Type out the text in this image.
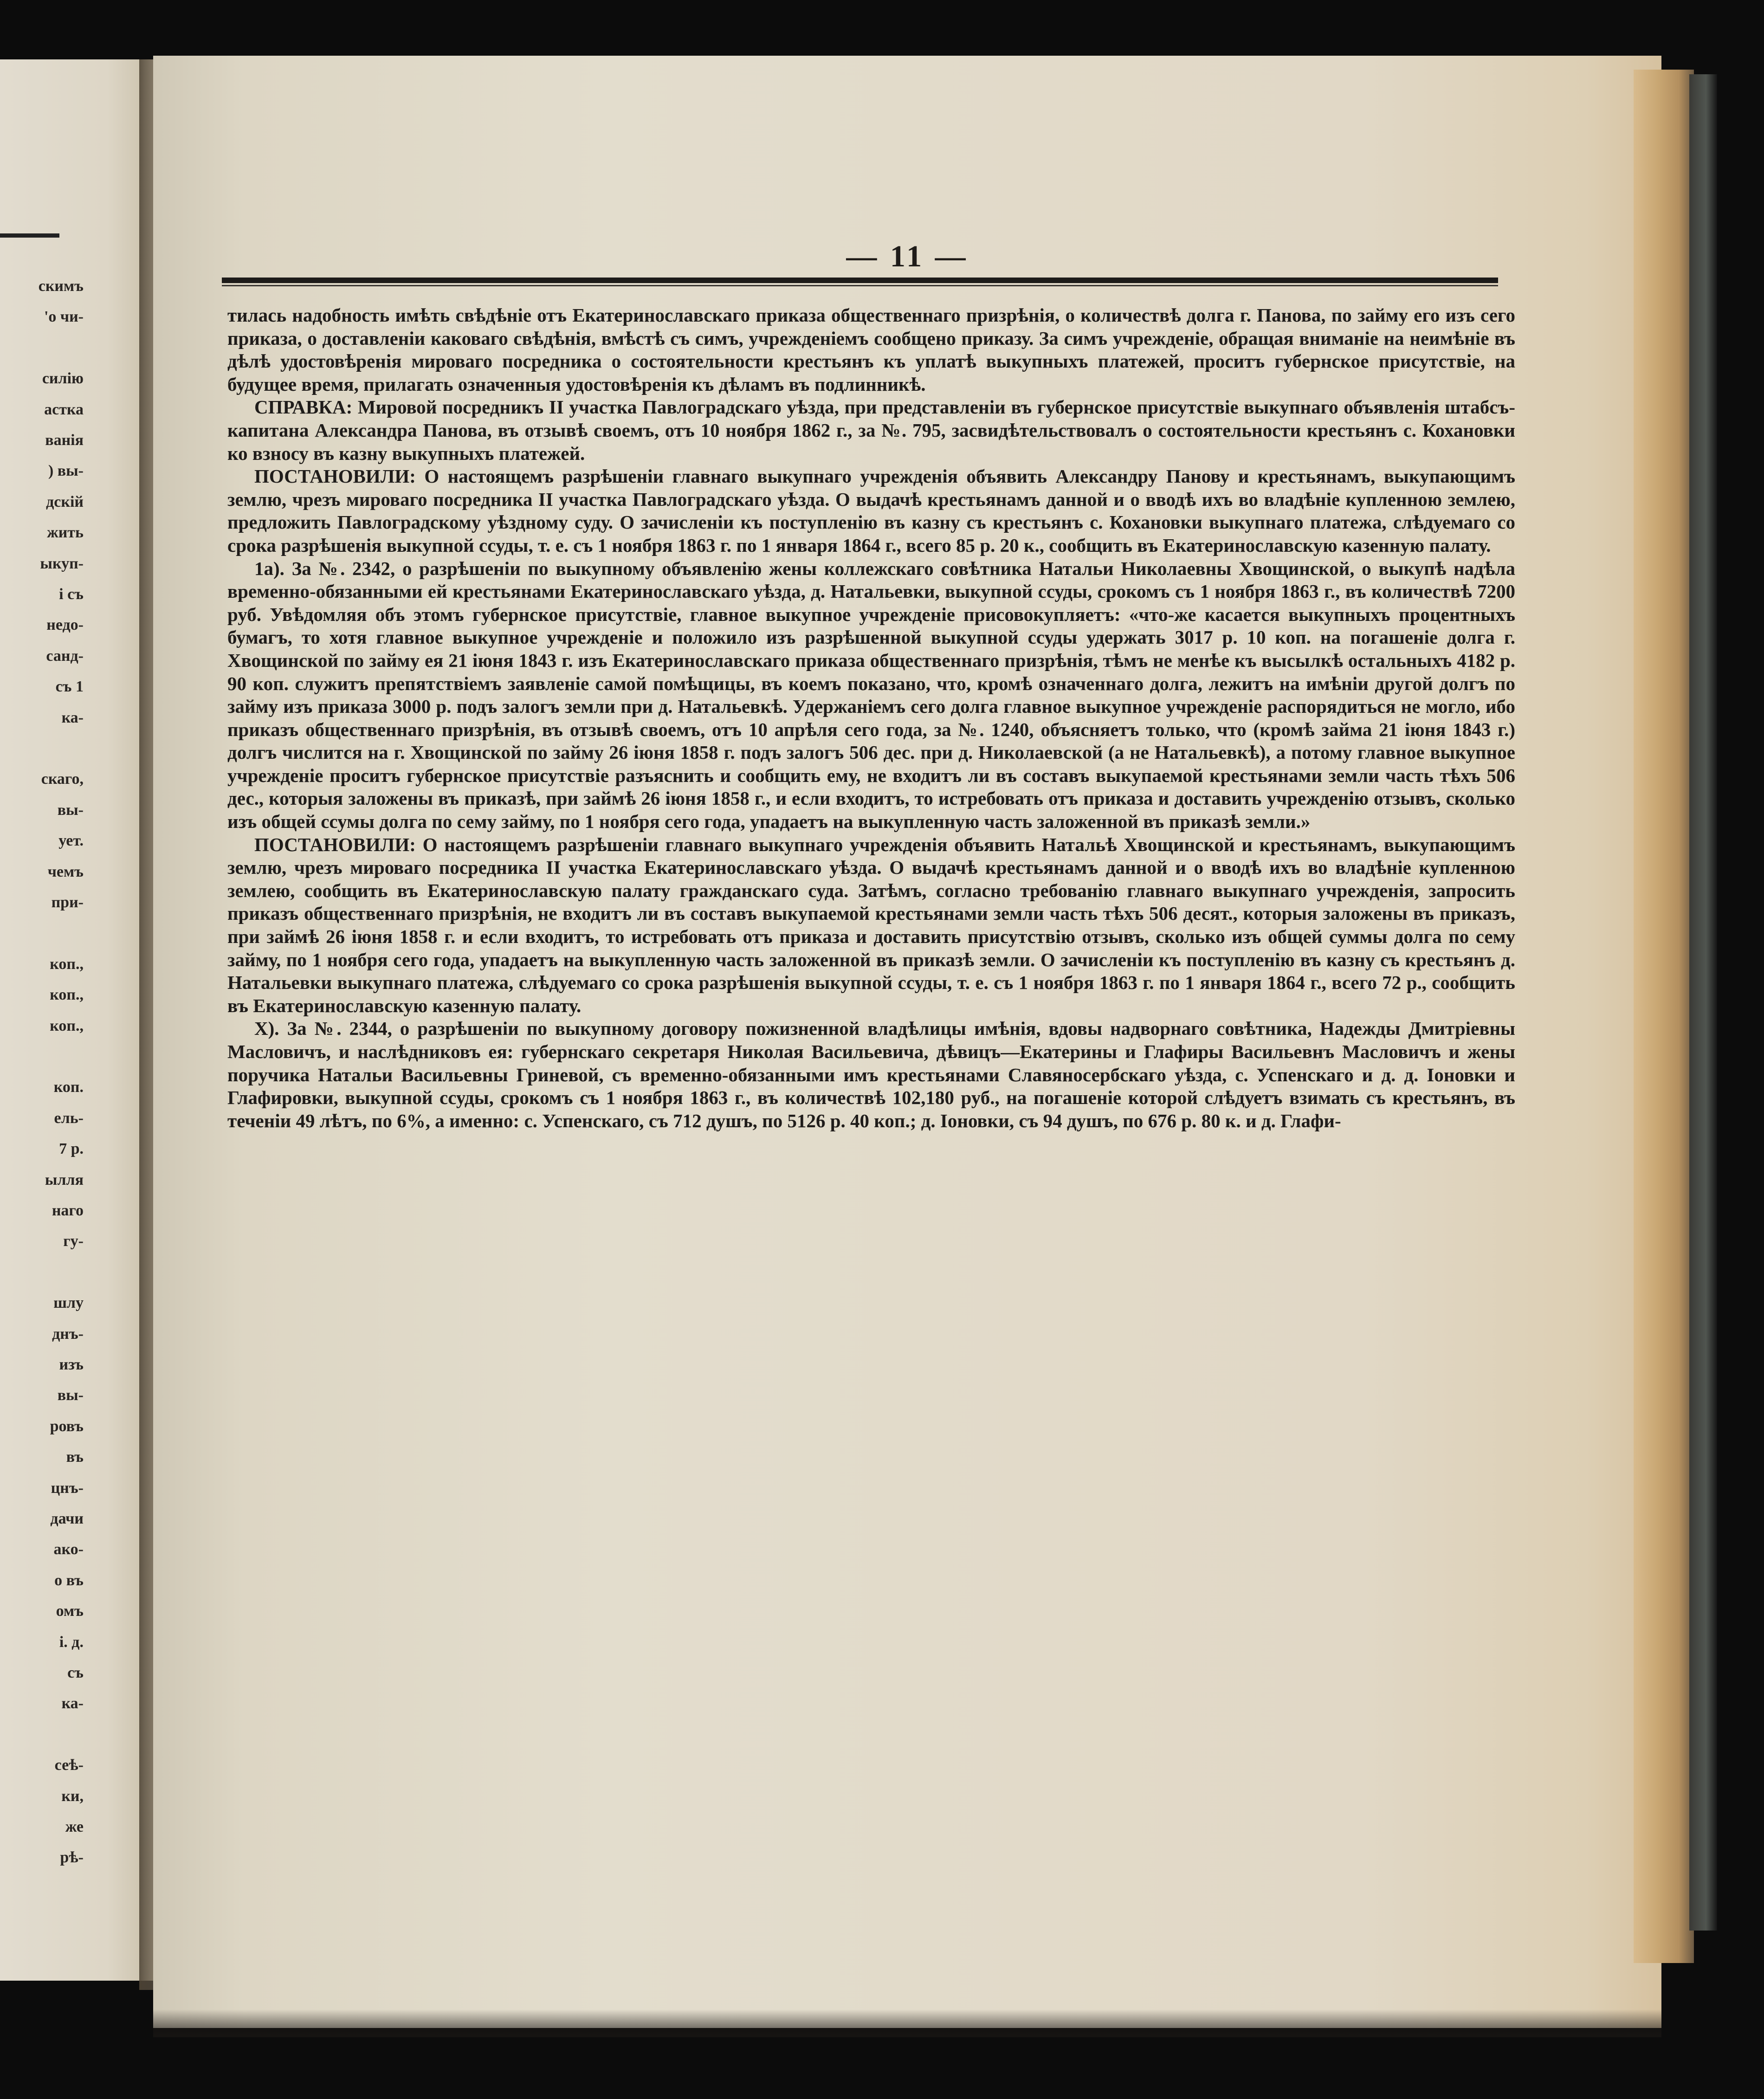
скимъ
'о чи-
силію
астка
ванія
) вы-
дскій
жить
ыкуп-
і съ
недо-
санд-
съ 1
ка-
скаго,
вы-
ует.
чемъ
при-
коп.,
коп.,
коп.,
коп.
ель-
7 р.
ылля
наго
гу-
шлу
днъ-
изъ
вы-
ровъ
въ
цнъ-
дачи
ако-
о въ
омъ
і. д.
съ
ка-
сеѣ-
ки,
же
рѣ-
— 11 —

тилась надобность имѣть свѣдѣніе отъ Екатеринославскаго приказа общественнаго призрѣнія, о количествѣ долга г. Панова, по займу его изъ сего приказа, о доставленіи каковаго свѣдѣнія, вмѣстѣ съ симъ, учрежденіемъ сообщено приказу. За симъ учрежденіе, обращая вниманіе на неимѣніе въ дѣлѣ удостовѣренія мироваго посредника о состоятельности крестьянъ къ уплатѣ выкупныхъ платежей, проситъ губернское присутствіе, на будущее время, прилагать означенныя удостовѣренія къ дѣламъ въ подлинникѣ.

СПРАВКА: Мировой посредникъ II участка Павлоградскаго уѣзда, при представленіи въ губернское присутствіе выкупнаго объявленія штабсъ-капитана Александра Панова, въ отзывѣ своемъ, отъ 10 ноября 1862 г., за №. 795, засвидѣтельствовалъ о состоятельности крестьянъ с. Кохановки ко взносу въ казну выкупныхъ платежей.

ПОСТАНОВИЛИ: О настоящемъ разрѣшеніи главнаго выкупнаго учрежденія объявить Александру Панову и крестьянамъ, выкупающимъ землю, чрезъ мироваго посредника II участка Павлоградскаго уѣзда. О выдачѣ крестьянамъ данной и о вводѣ ихъ во владѣніе купленною землею, предложить Павлоградскому уѣздному суду. О зачисленіи къ поступленію въ казну съ крестьянъ с. Кохановки выкупнаго платежа, слѣдуемаго со срока разрѣшенія выкупной ссуды, т. е. съ 1 ноября 1863 г. по 1 января 1864 г., всего 85 р. 20 к., сообщить въ Екатеринославскую казенную палату.

1а). За №. 2342, о разрѣшеніи по выкупному объявленію жены коллежскаго совѣтника Натальи Николаевны Хвощинской, о выкупѣ надѣла временно-обязанными ей крестьянами Екатеринославскаго уѣзда, д. Натальевки, выкупной ссуды, срокомъ съ 1 ноября 1863 г., въ количествѣ 7200 руб. Увѣдомляя объ этомъ губернское присутствіе, главное выкупное учрежденіе присовокупляетъ: «что-же касается выкупныхъ процентныхъ бумагъ, то хотя главное выкупное учрежденіе и положило изъ разрѣшенной выкупной ссуды удержать 3017 р. 10 коп. на погашеніе долга г. Хвощинской по займу ея 21 іюня 1843 г. изъ Екатеринославскаго приказа общественнаго призрѣнія, тѣмъ не менѣе къ высылкѣ остальныхъ 4182 р. 90 коп. служитъ препятствіемъ заявленіе самой помѣщицы, въ коемъ показано, что, кромѣ означеннаго долга, лежитъ на имѣніи другой долгъ по займу изъ приказа 3000 р. подъ залогъ земли при д. Натальевкѣ. Удержаніемъ сего долга главное выкупное учрежденіе распорядиться не могло, ибо приказъ общественнаго призрѣнія, въ отзывѣ своемъ, отъ 10 апрѣля сего года, за №. 1240, объясняетъ только, что (кромѣ займа 21 іюня 1843 г.) долгъ числится на г. Хвощинской по займу 26 іюня 1858 г. подъ залогъ 506 дес. при д. Николаевской (а не Натальевкѣ), а потому главное выкупное учрежденіе проситъ губернское присутствіе разъяснить и сообщить ему, не входитъ ли въ составъ выкупаемой крестьянами земли часть тѣхъ 506 дес., которыя заложены въ приказѣ, при займѣ 26 іюня 1858 г., и если входитъ, то истребовать отъ приказа и доставить учрежденію отзывъ, сколько изъ общей ссумы долга по сему займу, по 1 ноября сего года, упадаетъ на выкупленную часть заложенной въ приказѣ земли.»

ПОСТАНОВИЛИ: О настоящемъ разрѣшеніи главнаго выкупнаго учрежденія объявить Натальѣ Хвощинской и крестьянамъ, выкупающимъ землю, чрезъ мироваго посредника II участка Екатеринославскаго уѣзда. О выдачѣ крестьянамъ данной и о вводѣ ихъ во владѣніе купленною землею, сообщить въ Екатеринославскую палату гражданскаго суда. Затѣмъ, согласно требованію главнаго выкупнаго учрежденія, запросить приказъ общественнаго призрѣнія, не входитъ ли въ составъ выкупаемой крестьянами земли часть тѣхъ 506 десят., которыя заложены въ приказъ, при займѣ 26 іюня 1858 г. и если входитъ, то истребовать отъ приказа и доставить присутствію отзывъ, сколько изъ общей суммы долга по сему займу, по 1 ноября сего года, упадаетъ на выкупленную часть заложенной въ приказѣ земли. О зачисленіи къ поступленію въ казну съ крестьянъ д. Натальевки выкупнаго платежа, слѣдуемаго со срока разрѣшенія выкупной ссуды, т. е. съ 1 ноября 1863 г. по 1 января 1864 г., всего 72 р., сообщить въ Екатеринославскую казенную палату.

X). За №. 2344, о разрѣшеніи по выкупному договору пожизненной владѣлицы имѣнія, вдовы надворнаго совѣтника, Надежды Дмитріевны Масловичъ, и наслѣдниковъ ея: губернскаго секретаря Николая Васильевича, дѣвицъ—Екатерины и Глафиры Васильевнъ Масловичъ и жены поручика Натальи Васильевны Гриневой, съ временно-обязанными имъ крестьянами Славяносербскаго уѣзда, с. Успенскаго и д. д. Іоновки и Глафировки, выкупной ссуды, срокомъ съ 1 ноября 1863 г., въ количествѣ 102,180 руб., на погашеніе которой слѣдуетъ взимать съ крестьянъ, въ теченіи 49 лѣтъ, по 6%, а именно: с. Успенскаго, съ 712 душъ, по 5126 р. 40 коп.; д. Іоновки, съ 94 душъ, по 676 р. 80 к. и д. Глафи-
